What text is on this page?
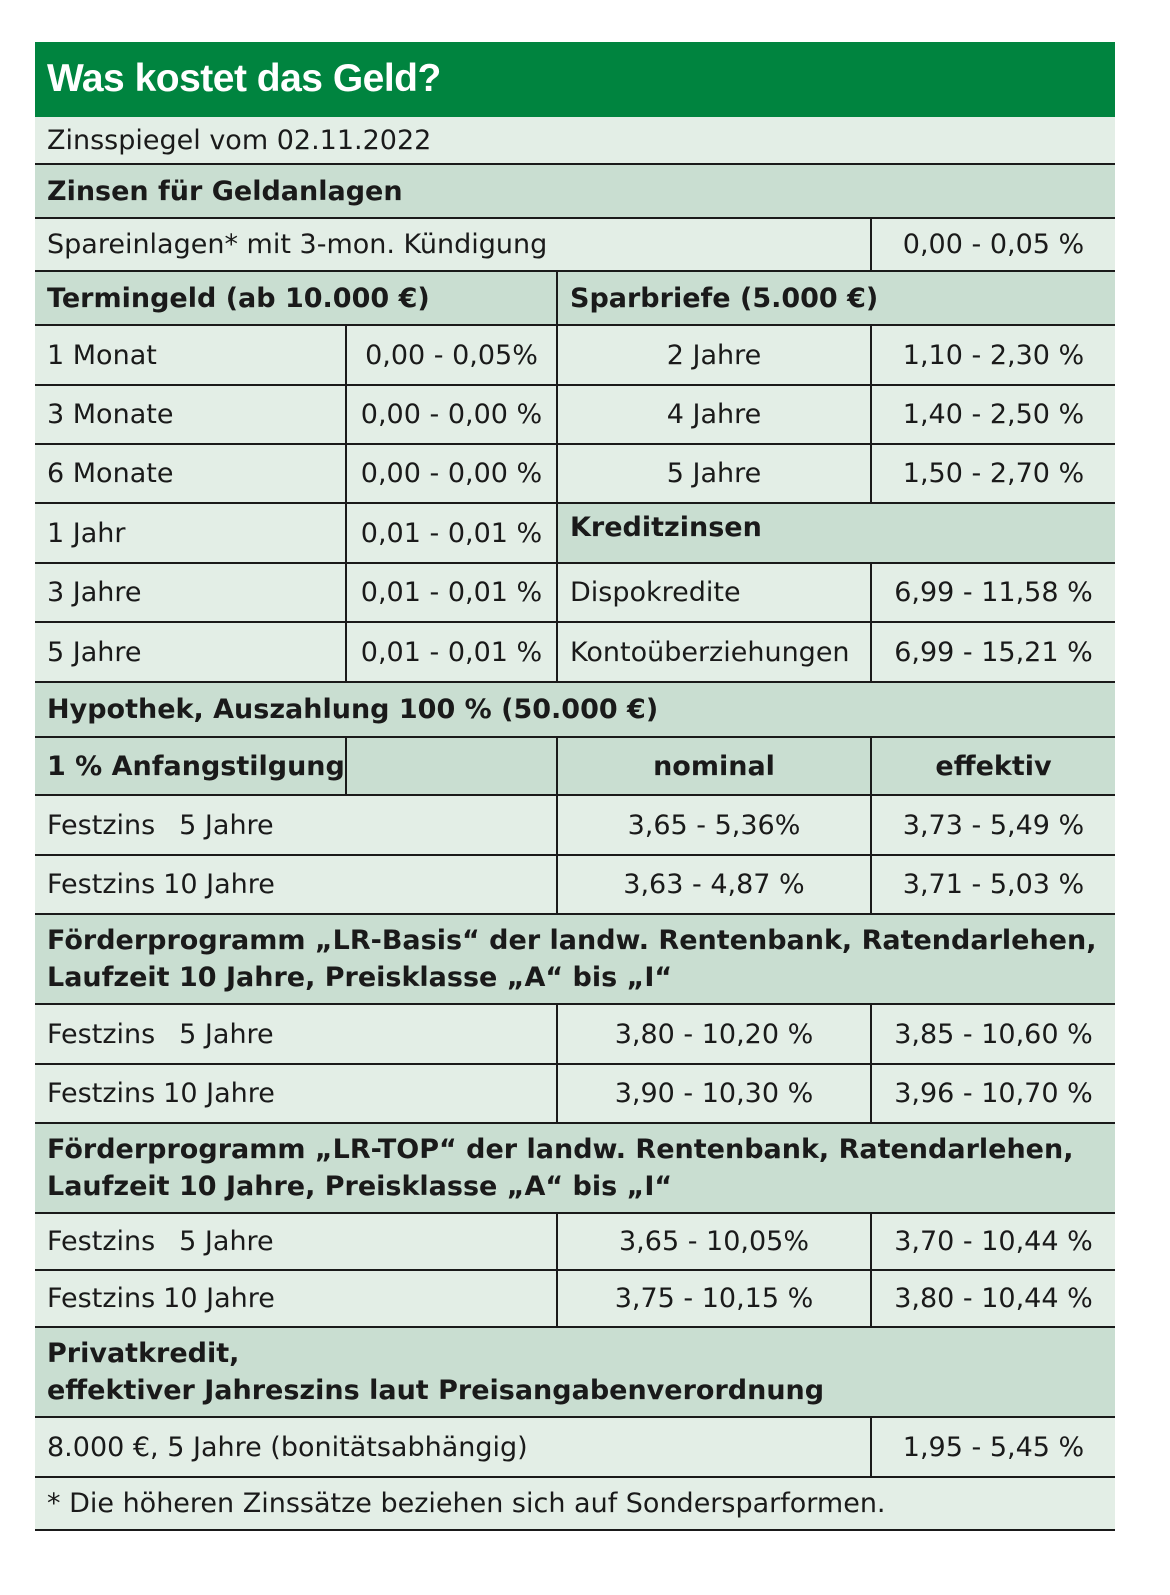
Was kostet das Geld?
Zinsspiegel vom 02.11.2022			
Zinsen für Geldanlagen			
Spareinlagen* mit 3-mon. Kündigung			0,00 - 0,05 %
Termingeld (ab 10.000 €)		Sparbriefe (5.000 €)	
1 Monat	0,00 - 0,05%	2 Jahre	1,10 - 2,30 %
3 Monate	0,00 - 0,00 %	4 Jahre	1,40 - 2,50 %
6 Monate	0,00 - 0,00 %	5 Jahre	1,50 - 2,70 %
1 Jahr	0,01 - 0,01 %	Kreditzinsen	
3 Jahre	0,01 - 0,01 %	Dispokredite	6,99 - 11,58 %
5 Jahre	0,01 - 0,01 %	Kontoüberziehungen	6,99 - 15,21 %
Hypothek, Auszahlung 100 % (50.000 €)			
1 % Anfangstilgung		nominal	effektiv
Festzins 5 Jahre		3,65 - 5,36%	3,73 - 5,49 %
Festzins 10 Jahre		3,63 - 4,87 %	3,71 - 5,03 %

Förderprogramm „LR-Basis“ der landw. Rentenbank, Ratendarlehen,
Laufzeit 10 Jahre, Preisklasse „A“ bis „I“			

Festzins 5 Jahre		3,80 - 10,20 %	3,85 - 10,60 %
Festzins 10 Jahre		3,90 - 10,30 %	3,96 - 10,70 %

Förderprogramm „LR-TOP“ der landw. Rentenbank, Ratendarlehen,
Laufzeit 10 Jahre, Preisklasse „A“ bis „I“			

Festzins 5 Jahre		3,65 - 10,05%	3,70 - 10,44 %
Festzins 10 Jahre		3,75 - 10,15 %	3,80 - 10,44 %

Privatkredit,
effektiver Jahreszins laut Preisangabenverordnung			

8.000 €, 5 Jahre (bonitätsabhängig)			1,95 - 5,45 %
* Die höheren Zinssätze beziehen sich auf Sondersparformen.			
